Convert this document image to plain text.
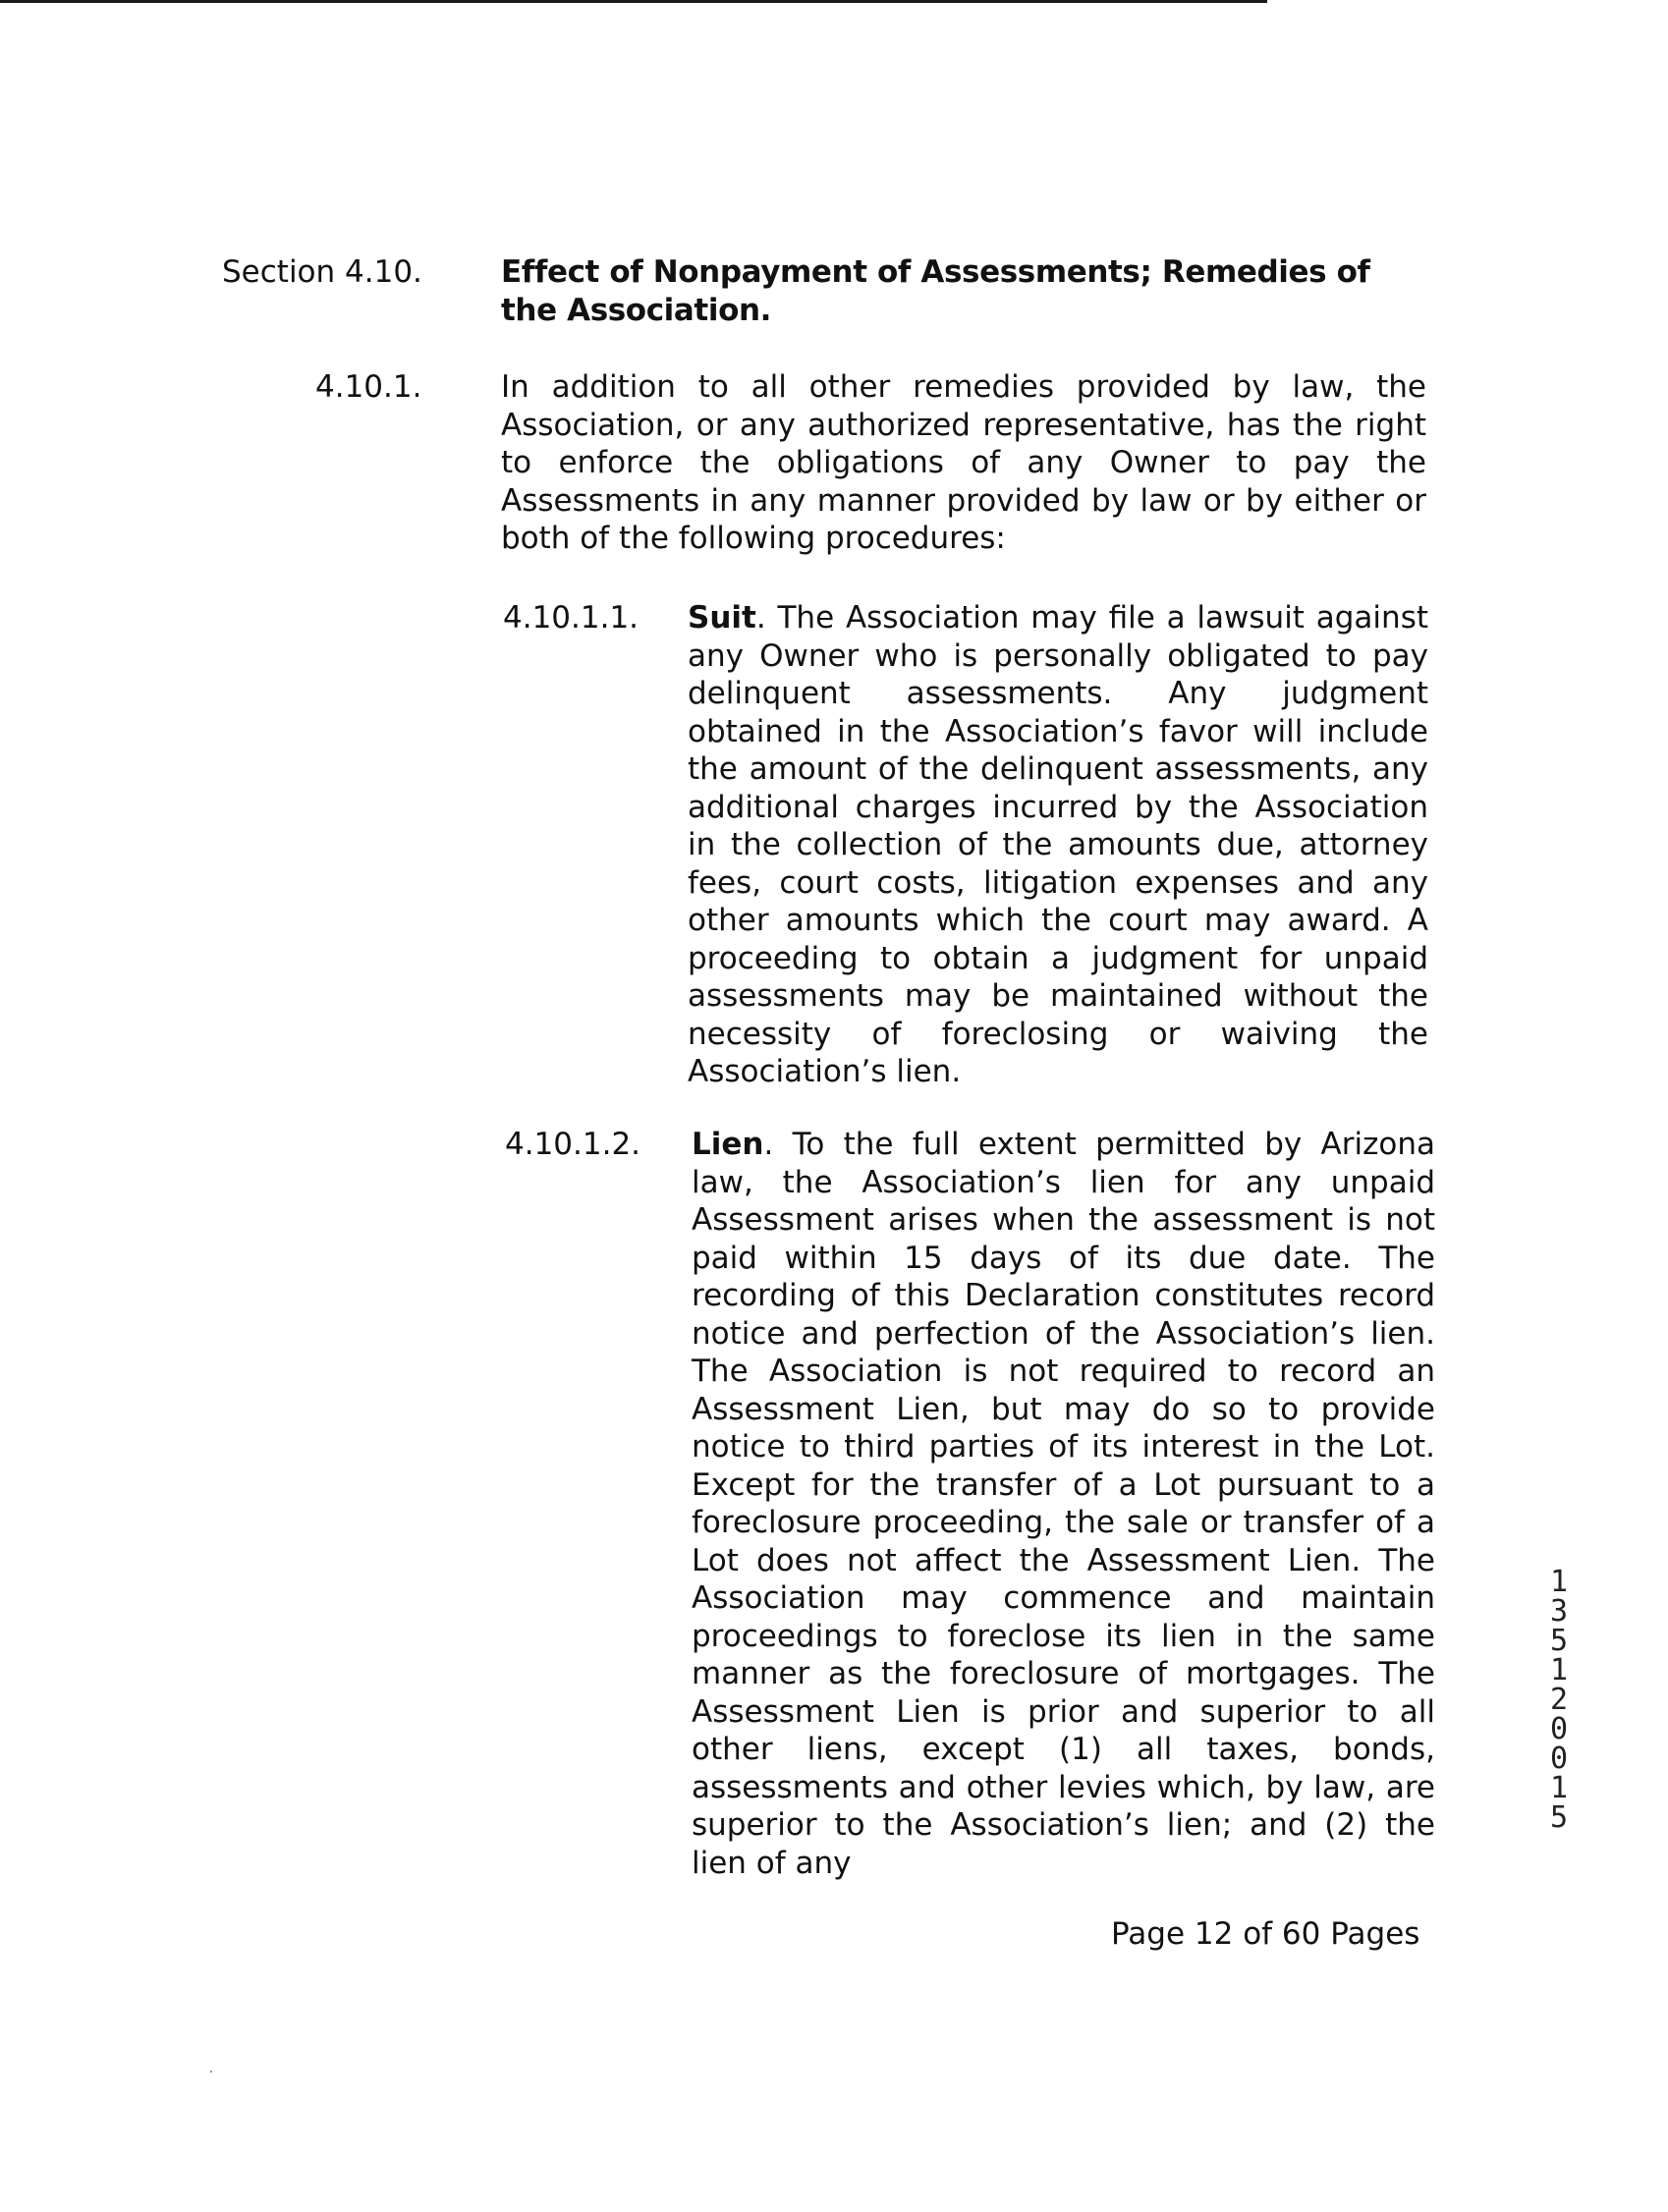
Section 4.10.	Effect of Nonpayment of Assessments; Remedies of the Association.
4.10.1.	In addition to all other remedies provided by law, the Association, or any authorized representative, has the right to enforce the obligations of any Owner to pay the Assessments in any manner provided by law or by either or both of the following procedures:
4.10.1.1. Suit. The Association may file a lawsuit against any Owner who is personally obligated to pay delinquent assessments. Any judgment obtained in the Association’s favor will include the amount of the delinquent assessments, any additional charges incurred by the Association in the collection of the amounts due, attorney fees, court costs, litigation expenses and any other amounts which the court may award. A proceeding to obtain a judgment for unpaid assessments may be maintained without the necessity of foreclosing or waiving the Association’s lien.
4.10.1.2. Lien. To the full extent permitted by Arizona law, the Association’s lien for any unpaid Assessment arises when the assessment is not paid within 15 days of its due date. The recording of this Declaration constitutes record notice and perfection of the Association’s lien. The Association is not required to record an Assessment Lien, but may do so to provide notice to third parties of its interest in the Lot. Except for the transfer of a Lot pursuant to a foreclosure proceeding, the sale or transfer of a Lot does not affect the Assessment Lien. The Association may commence and maintain proceedings to foreclose its lien in the same manner as the foreclosure of mortgages. The Assessment Lien is prior and superior to all other liens, except (1) all taxes, bonds, assessments and other levies which, by law, are superior to the Association’s lien; and (2) the lien of any
Page 12 of 60 Pages
13512 0015
